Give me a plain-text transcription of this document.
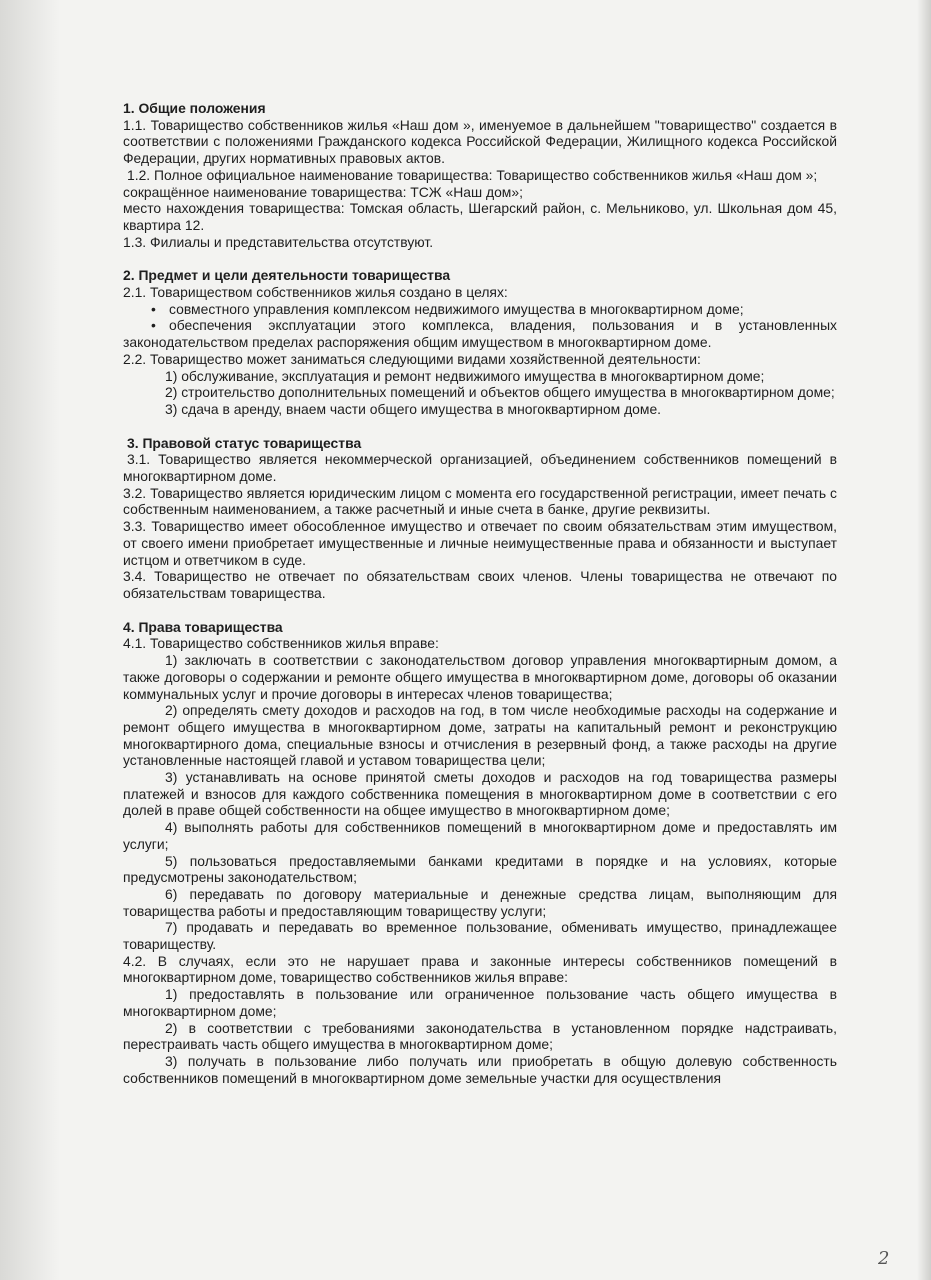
1. Общие положения

1.1. Товарищество собственников жилья «Наш дом », именуемое в дальнейшем "товарищество" создается в соответствии с положениями Гражданского кодекса Российской Федерации, Жилищного кодекса Российской Федерации, других нормативных правовых актов.

1.2. Полное официальное наименование товарищества: Товарищество собственников жилья «Наш дом »;

сокращённое наименование товарищества: ТСЖ «Наш дом»;

место нахождения товарищества: Томская область, Шегарский район, с. Мельниково, ул. Школьная дом 45, квартира 12.

1.3. Филиалы и представительства отсутствуют.

2. Предмет и цели деятельности товарищества

2.1. Товариществом собственников жилья создано в целях:

• совместного управления комплексом недвижимого имущества в многоквартирном доме;
• обеспечения эксплуатации этого комплекса, владения, пользования и в установленных законодательством пределах распоряжения общим имуществом в многоквартирном доме.

2.2. Товарищество может заниматься следующими видами хозяйственной деятельности:

1) обслуживание, эксплуатация и ремонт недвижимого имущества в многоквартирном доме;

2) строительство дополнительных помещений и объектов общего имущества в многоквартирном доме;

3) сдача в аренду, внаем части общего имущества в многоквартирном доме.

3. Правовой статус товарищества

3.1. Товарищество является некоммерческой организацией, объединением собственников помещений в многоквартирном доме.

3.2. Товарищество является юридическим лицом с момента его государственной регистрации, имеет печать с собственным наименованием, а также расчетный и иные счета в банке, другие реквизиты.

3.3. Товарищество имеет обособленное имущество и отвечает по своим обязательствам этим имуществом, от своего имени приобретает имущественные и личные неимущественные права и обязанности и выступает истцом и ответчиком в суде.

3.4. Товарищество не отвечает по обязательствам своих членов. Члены товарищества не отвечают по обязательствам товарищества.

4. Права товарищества

4.1. Товарищество собственников жилья вправе:

1) заключать в соответствии с законодательством договор управления многоквартирным домом, а также договоры о содержании и ремонте общего имущества в многоквартирном доме, договоры об оказании коммунальных услуг и прочие договоры в интересах членов товарищества;

2) определять смету доходов и расходов на год, в том числе необходимые расходы на содержание и ремонт общего имущества в многоквартирном доме, затраты на капитальный ремонт и реконструкцию многоквартирного дома, специальные взносы и отчисления в резервный фонд, а также расходы на другие установленные настоящей главой и уставом товарищества цели;

3) устанавливать на основе принятой сметы доходов и расходов на год товарищества размеры платежей и взносов для каждого собственника помещения в многоквартирном доме в соответствии с его долей в праве общей собственности на общее имущество в многоквартирном доме;

4) выполнять работы для собственников помещений в многоквартирном доме и предоставлять им услуги;

5) пользоваться предоставляемыми банками кредитами в порядке и на условиях, которые предусмотрены законодательством;

6) передавать по договору материальные и денежные средства лицам, выполняющим для товарищества работы и предоставляющим товариществу услуги;

7) продавать и передавать во временное пользование, обменивать имущество, принадлежащее товариществу.

4.2. В случаях, если это не нарушает права и законные интересы собственников помещений в многоквартирном доме, товарищество собственников жилья вправе:

1) предоставлять в пользование или ограниченное пользование часть общего имущества в многоквартирном доме;

2) в соответствии с требованиями законодательства в установленном порядке надстраивать, перестраивать часть общего имущества в многоквартирном доме;

3) получать в пользование либо получать или приобретать в общую долевую собственность собственников помещений в многоквартирном доме земельные участки для осуществления

2
